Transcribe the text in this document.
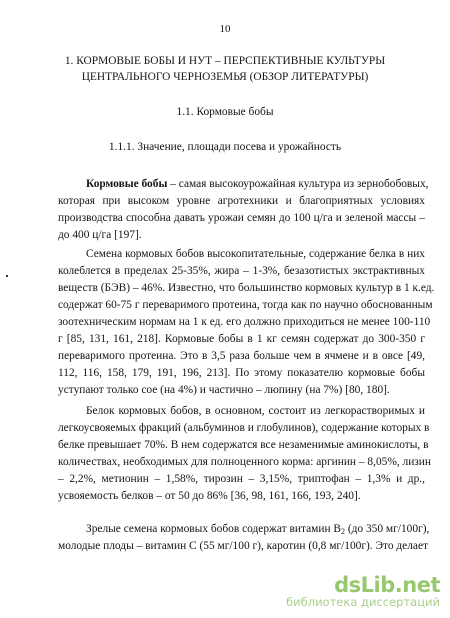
10
1. КОРМОВЫЕ БОБЫ И НУТ – ПЕРСПЕКТИВНЫЕ КУЛЬТУРЫ
ЦЕНТРАЛЬНОГО ЧЕРНОЗЕМЬЯ (ОБЗОР ЛИТЕРАТУРЫ)
1.1. Кормовые бобы
1.1.1. Значение, площади посева и урожайность
Кормовые бобы – самая высокоурожайная культура из зернобобовых,
которая при высоком уровне агротехники и благоприятных условиях
производства способна давать урожаи семян до 100 ц/га и зеленой массы –
до 400 ц/га [197].
Семена кормовых бобов высокопитательные, содержание белка в них
колеблется в пределах 25-35%, жира – 1-3%, безазотистых экстрактивных
веществ (БЭВ) – 46%. Известно, что большинство кормовых культур в 1 к.ед.
содержат 60-75 г переваримого протеина, тогда как по научно обоснованным
зоотехническим нормам на 1 к ед. его должно приходиться не менее 100-110
г [85, 131, 161, 218]. Кормовые бобы в 1 кг семян содержат до 300-350 г
переваримого протеина. Это в 3,5 раза больше чем в ячмене и в овсе [49,
112, 116, 158, 179, 191, 196, 213]. По этому показателю кормовые бобы
уступают только сое (на 4%) и частично – люпину (на 7%) [80, 180].
Белок кормовых бобов, в основном, состоит из легкорастворимых и
легкоусвояемых фракций (альбуминов и глобулинов), содержание которых в
белке превышает 70%. В нем содержатся все незаменимые аминокислоты, в
количествах, необходимых для полноценного корма: аргинин – 8,05%, лизин
– 2,2%, метионин – 1,58%, тирозин – 3,15%, триптофан – 1,3% и др.,
усвояемость белков – от 50 до 86% [36, 98, 161, 166, 193, 240].
Зрелые семена кормовых бобов содержат витамин $В_2$ (до 350 мг/100г),
молодые плоды – витамин С (55 мг/100 г), каротин (0,8 мг/100г). Это делает
dsLib.net
библиотека диссертаций
